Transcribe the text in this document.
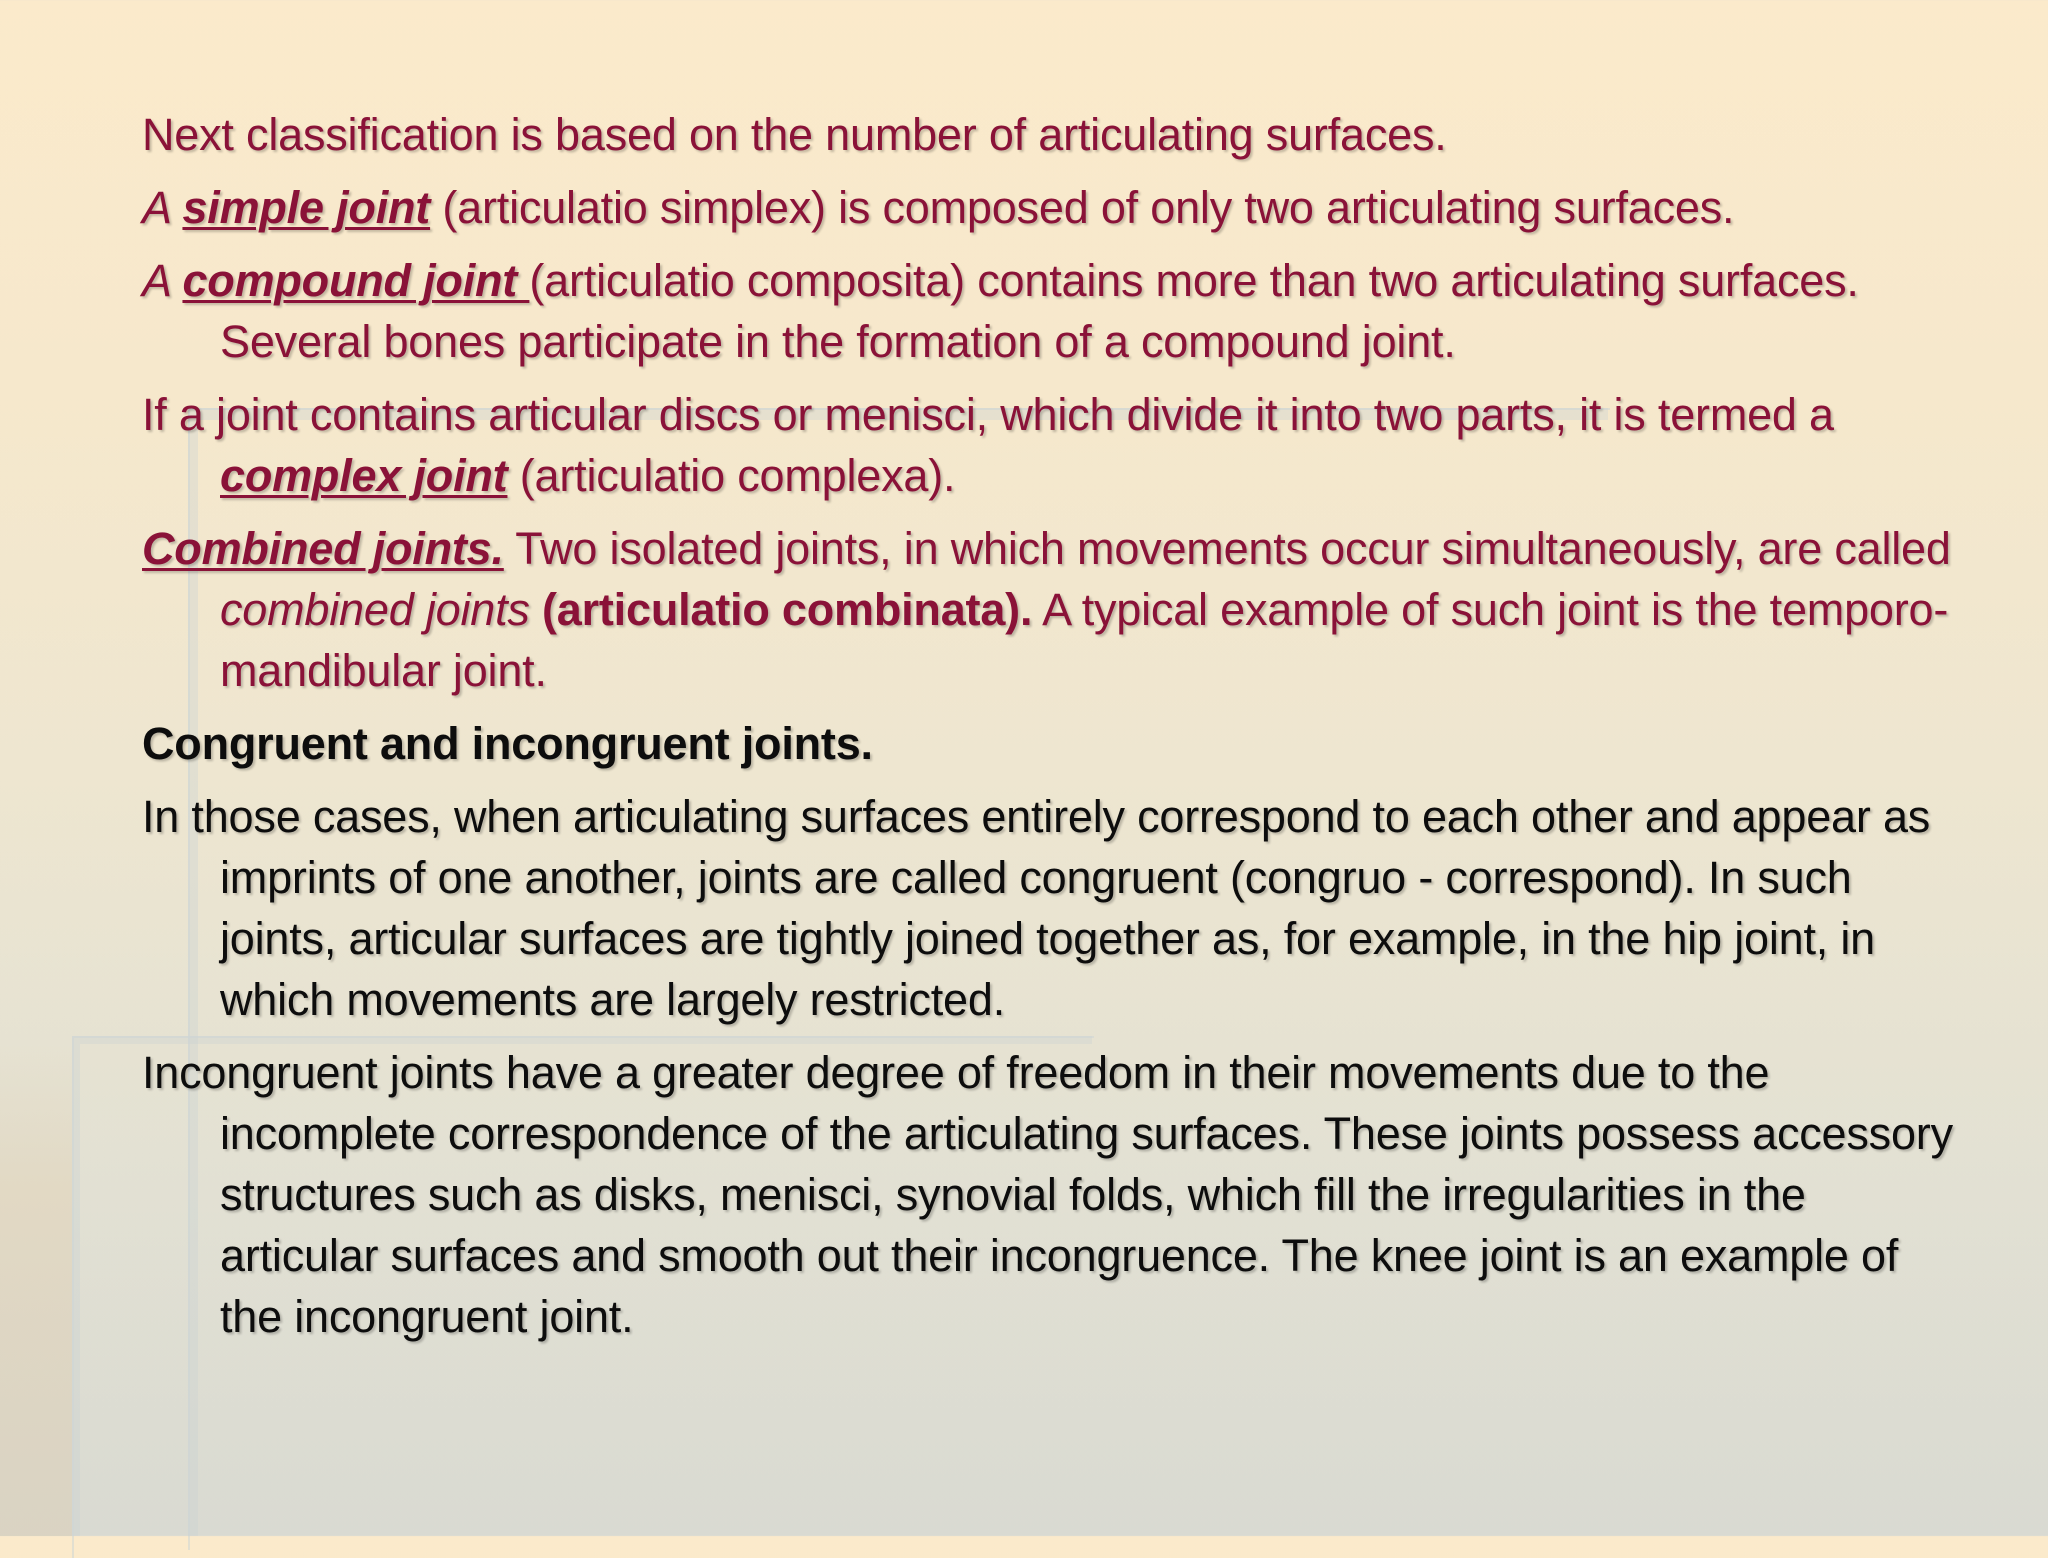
Next classification is based on the number of articulating surfaces.

A simple joint (articulatio simplex) is composed of only two articulating surfaces.

A compound joint (articulatio composita) contains more than two articulating surfaces. Several bones participate in the formation of a compound joint.

If a joint contains articular discs or menisci, which divide it into two parts, it is termed a complex joint (articulatio complexa).

Combined joints. Two isolated joints, in which movements occur simultaneously, are called combined joints (articulatio combinata). A typical example of such joint is the temporo-mandibular joint.

Congruent and incongruent joints.

In those cases, when articulating surfaces entirely correspond to each other and appear as imprints of one another, joints are called congruent (congruo - correspond). In such joints, articular surfaces are tightly joined together as, for example, in the hip joint, in which movements are largely restricted.

Incongruent joints have a greater degree of freedom in their movements due to the incomplete correspondence of the articulating surfaces. These joints possess accessory structures such as disks, menisci, synovial folds, which fill the irregularities in the articular surfaces and smooth out their incongruence. The knee joint is an example of the incongruent joint.
